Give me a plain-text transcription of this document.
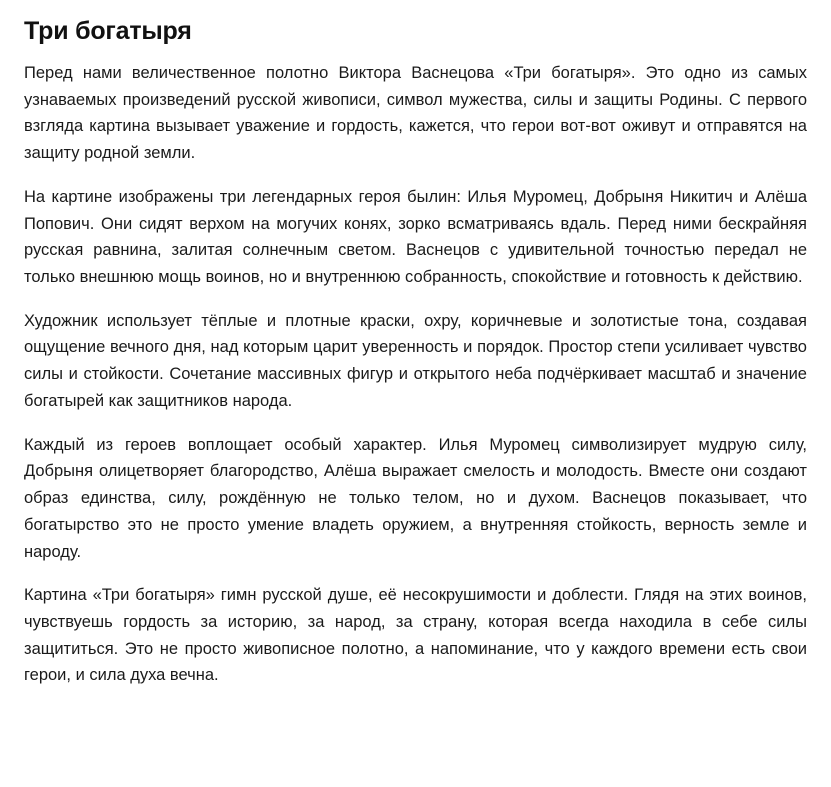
Три богатыря

Перед нами величественное полотно Виктора Васнецова «Три богатыря». Это одно из самых узнаваемых произведений русской живописи, символ мужества, силы и защиты Родины. С первого взгляда картина вызывает уважение и гордость, кажется, что герои вот-вот оживут и отправятся на защиту родной земли.

На картине изображены три легендарных героя былин: Илья Муромец, Добрыня Никитич и Алёша Попович. Они сидят верхом на могучих конях, зорко всматриваясь вдаль. Перед ними бескрайняя русская равнина, залитая солнечным светом. Васнецов с удивительной точностью передал не только внешнюю мощь воинов, но и внутреннюю собранность, спокойствие и готовность к действию.

Художник использует тёплые и плотные краски, охру, коричневые и золотистые тона, создавая ощущение вечного дня, над которым царит уверенность и порядок. Простор степи усиливает чувство силы и стойкости. Сочетание массивных фигур и открытого неба подчёркивает масштаб и значение богатырей как защитников народа.

Каждый из героев воплощает особый характер. Илья Муромец символизирует мудрую силу, Добрыня олицетворяет благородство, Алёша выражает смелость и молодость. Вместе они создают образ единства, силу, рождённую не только телом, но и духом. Васнецов показывает, что богатырство это не просто умение владеть оружием, а внутренняя стойкость, верность земле и народу.

Картина «Три богатыря» гимн русской душе, её несокрушимости и доблести. Глядя на этих воинов, чувствуешь гордость за историю, за народ, за страну, которая всегда находила в себе силы защититься. Это не просто живописное полотно, а напоминание, что у каждого времени есть свои герои, и сила духа вечна.
